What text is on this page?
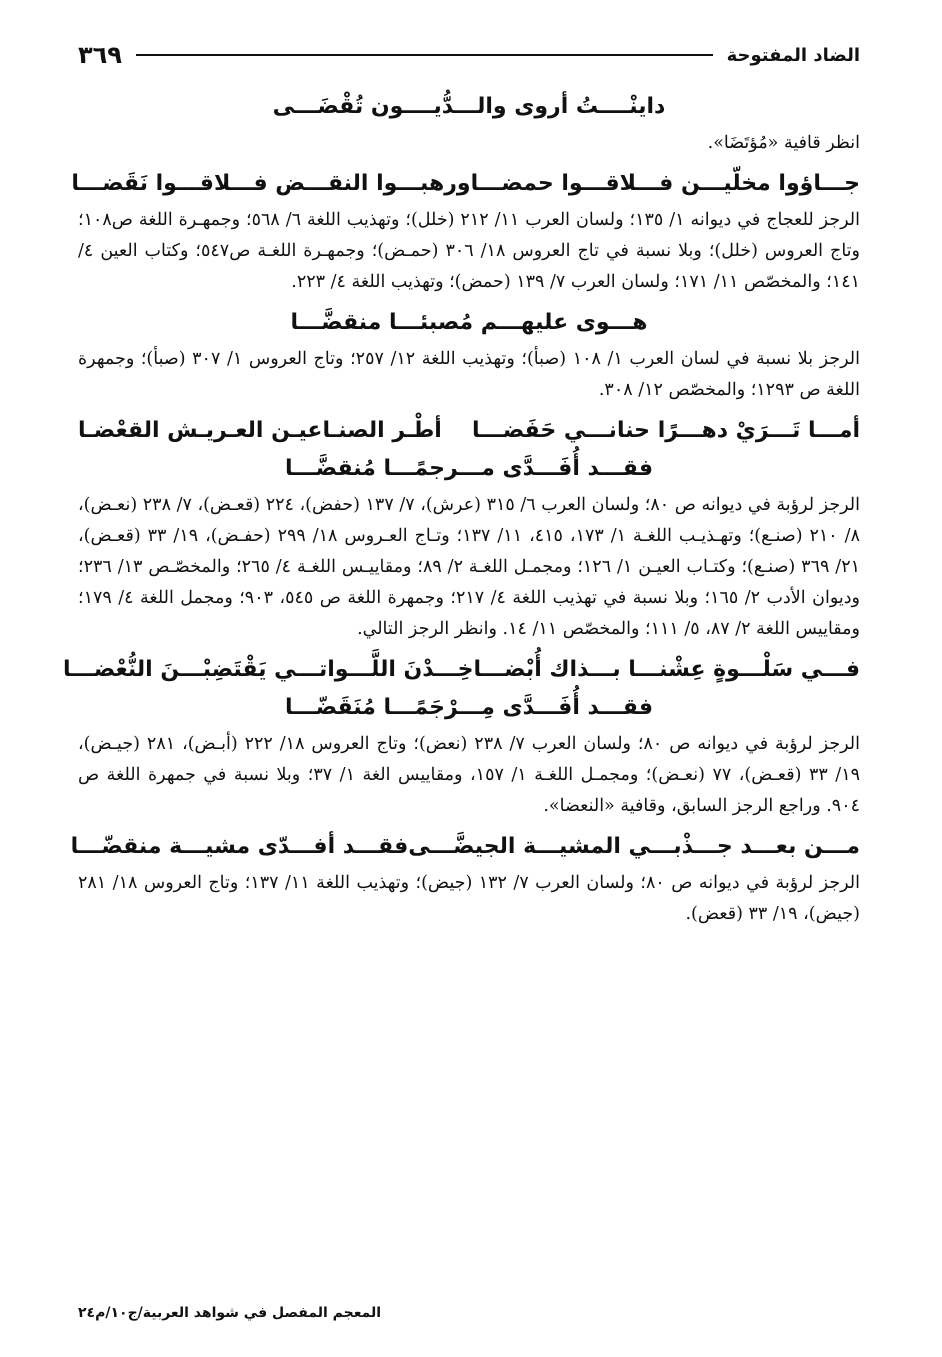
الضاد المفتوحة
٣٦٩
داينْــــتُ أروى والـــدُّيــــون تُقْضَـــى
انظر قافية «مُؤتَضَا».
جـــاؤوا مخلّيـــن فـــلاقـــوا حمضـــا
ورهبـــوا النقـــض فـــلاقـــوا نَقَضـــا
الرجز للعجاج في ديوانه ١/ ١٣٥؛ ولسان العرب ١١/ ٢١٢ (خلل)؛ وتهذيب اللغة ٦/ ٥٦٨؛ وجمهـرة اللغة ص١٠٨؛ وتاج العروس (خلل)؛ وبلا نسبة في تاج العروس ١٨/ ٣٠٦ (حمـض)؛ وجمهـرة اللغـة ص٥٤٧؛ وكتاب العين ٤/ ١٤١؛ والمخصّص ١١/ ١٧١؛ ولسان العرب ٧/ ١٣٩ (حمض)؛ وتهذيب اللغة ٤/ ٢٢٣.
هـــوى عليهـــم مُصبئـــا منقضَّـــا
الرجز بلا نسبة في لسان العرب ١/ ١٠٨ (صبأ)؛ وتهذيب اللغة ١٢/ ٢٥٧؛ وتاج العروس ١/ ٣٠٧ (صبأ)؛ وجمهرة اللغة ص ١٢٩٣؛ والمخصّص ١٢/ ٣٠٨.
أمـــا تَـــرَيْ دهـــرًا حنانـــي حَفَضـــا
أطْـر الصنـاعيـن العـريـش القعْضـا
فقـــد أُفَـــدَّى مـــرجمًـــا مُنقضَّـــا
الرجز لرؤبة في ديوانه ص ٨٠؛ ولسان العرب ٦/ ٣١٥ (عرش)، ٧/ ١٣٧ (حفض)، ٢٢٤ (قعـض)، ٧/ ٢٣٨ (نعـض)، ٨/ ٢١٠ (صنـع)؛ وتهـذيـب اللغـة ١/ ١٧٣، ٤١٥، ١١/ ١٣٧؛ وتـاج العـروس ١٨/ ٢٩٩ (حفـض)، ١٩/ ٣٣ (قعـض)، ٢١/ ٣٦٩ (صنـع)؛ وكتـاب العيـن ١/ ١٢٦؛ ومجمـل اللغـة ٢/ ٨٩؛ ومقاييـس اللغـة ٤/ ٢٦٥؛ والمخصّـص ١٣/ ٢٣٦؛ وديوان الأدب ٢/ ١٦٥؛ وبلا نسبة في تهذيب اللغة ٤/ ٢١٧؛ وجمهرة اللغة ص ٥٤٥، ٩٠٣؛ ومجمل اللغة ٤/ ١٧٩؛ ومقاييس اللغة ٢/ ٨٧، ٥/ ١١١؛ والمخصّص ١١/ ١٤. وانظر الرجز التالي.
فـــي سَلْـــوةٍ عِشْنـــا بـــذاك أُبْضـــا
خِـــدْنَ اللَّـــواتـــي يَقْتَضِبْـــنَ النُّعْضـــا
فقـــد أُفَـــدَّى مِـــرْجَمًـــا مُنَقَضّـــا
الرجز لرؤبة في ديوانه ص ٨٠؛ ولسان العرب ٧/ ٢٣٨ (نعض)؛ وتاج العروس ١٨/ ٢٢٢ (أبـض)، ٢٨١ (جيـض)، ١٩/ ٣٣ (قعـض)، ٧٧ (نعـض)؛ ومجمـل اللغـة ١/ ١٥٧، ومقاييس الغة ١/ ٣٧؛ وبلا نسبة في جمهرة اللغة ص ٩٠٤. وراجع الرجز السابق، وقافية «النعضا».
مـــن بعـــد جـــذْبـــي المشيـــة الجيضَّـــى
فقـــد أفـــدّى مشيـــة منقضّـــا
الرجز لرؤبة في ديوانه ص ٨٠؛ ولسان العرب ٧/ ١٣٢ (جيض)؛ وتهذيب اللغة ١١/ ١٣٧؛ وتاج العروس ١٨/ ٢٨١ (جيض)، ١٩/ ٣٣ (قعض).
المعجم المفصل في شواهد العربية/ج١٠/م٢٤
